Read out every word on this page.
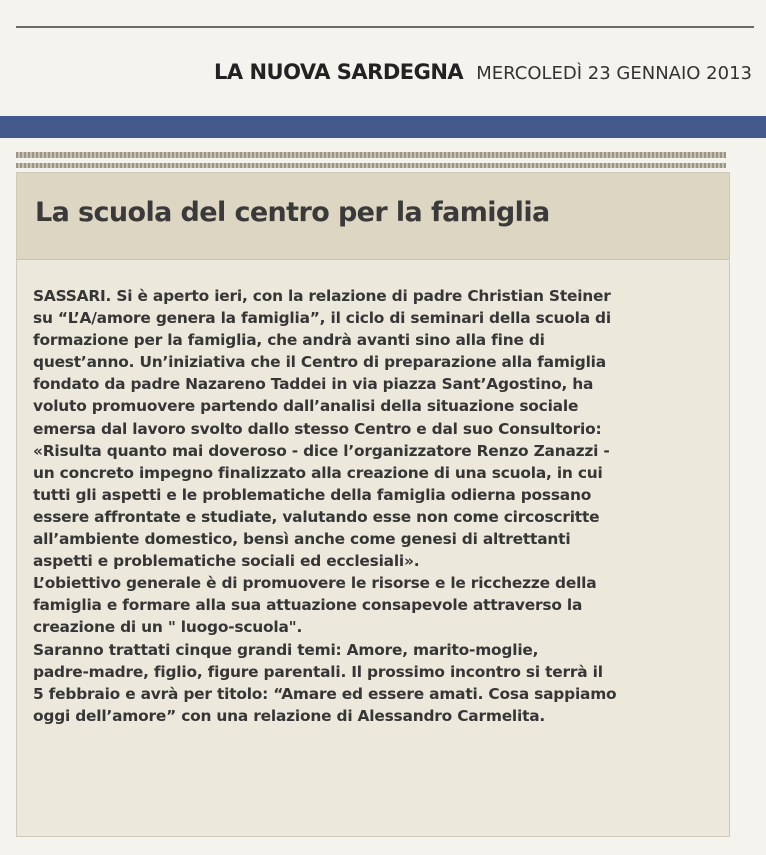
LA NUOVA SARDEGNA MERCOLEDÌ 23 GENNAIO 2013
La scuola del centro per la famiglia

SASSARI. Si è aperto ieri, con la relazione di padre Christian Steiner
su “L’A/amore genera la famiglia”, il ciclo di seminari della scuola di
formazione per la famiglia, che andrà avanti sino alla fine di
quest’anno. Un’iniziativa che il Centro di preparazione alla famiglia
fondato da padre Nazareno Taddei in via piazza Sant’Agostino, ha
voluto promuovere partendo dall’analisi della situazione sociale
emersa dal lavoro svolto dallo stesso Centro e dal suo Consultorio:
«Risulta quanto mai doveroso - dice l’organizzatore Renzo Zanazzi -
un concreto impegno finalizzato alla creazione di una scuola, in cui
tutti gli aspetti e le problematiche della famiglia odierna possano
essere affrontate e studiate, valutando esse non come circoscritte
all’ambiente domestico, bensì anche come genesi di altrettanti
aspetti e problematiche sociali ed ecclesiali».

L’obiettivo generale è di promuovere le risorse e le ricchezze della
famiglia e formare alla sua attuazione consapevole attraverso la
creazione di un " luogo-scuola".

Saranno trattati cinque grandi temi: Amore, marito-moglie,
padre-madre, figlio, figure parentali. Il prossimo incontro si terrà il
5 febbraio e avrà per titolo: “Amare ed essere amati. Cosa sappiamo
oggi dell’amore” con una relazione di Alessandro Carmelita.
